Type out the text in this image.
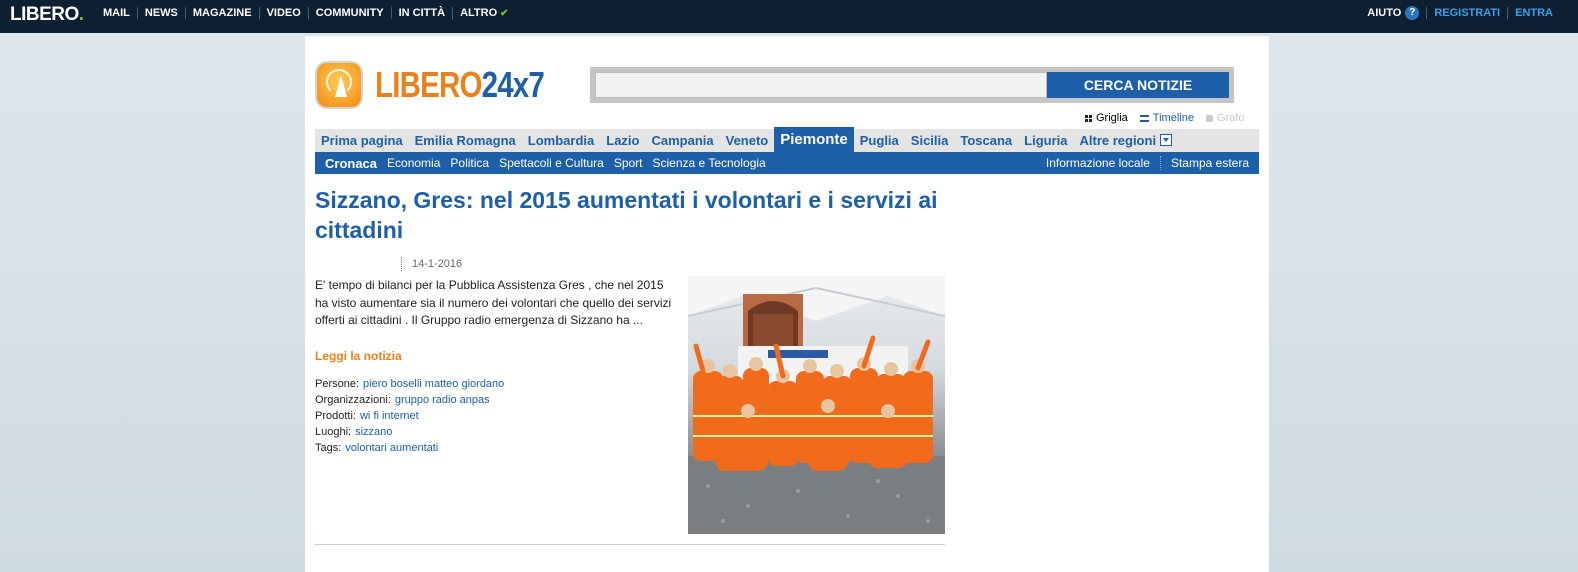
LIBERO.	MAIL	NEWS	MAGAZINE	VIDEO	COMMUNITY	IN CITTÀ	ALTRO ✔	AIUTO ?	REGISTRATI	ENTRA
LIBERO24x7	CERCA NOTIZIE
Griglia Timeline Grafo
Prima pagina Emilia Romagna Lombardia Lazio Campania Veneto Piemonte Puglia Sicilia Toscana Liguria Altre regioni
Cronaca Economia Politica Spettacoli e Cultura Sport Scienza e Tecnologia	Informazione locale	Stampa estera
Sizzano, Gres: nel 2015 aumentati i volontari e i servizi ai cittadini
14-1-2016

E' tempo di bilanci per la Pubblica Assistenza Gres , che nel 2015 ha visto aumentare sia il numero dei volontari che quello dei servizi offerti ai cittadini . Il Gruppo radio emergenza di Sizzano ha ...

Leggi la notizia
Persone: piero boselli matteo giordano
Organizzazioni: gruppo radio anpas
Prodotti: wi fi internet
Luoghi: sizzano
Tags: volontari aumentati
